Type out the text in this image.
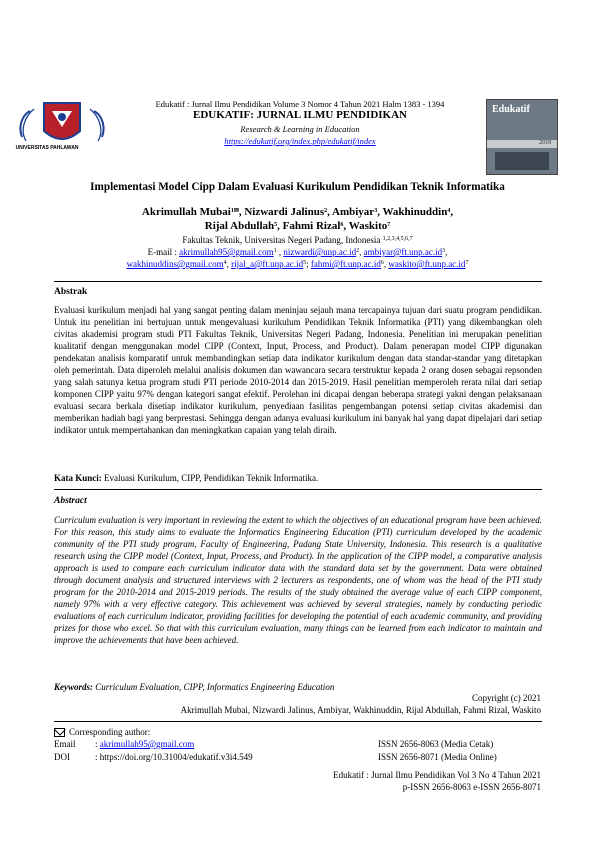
UNIVERSITAS PAHLAWAN
Edukatif : Jurnal Ilmu Pendidikan Volume 3 Nomor 4 Tahun 2021 Halm 1383 - 1394
EDUKATIF: JURNAL ILMU PENDIDIKAN
Research & Learning in Education
https://edukatif.org/index.php/edukatif/index
Edukatif
2018
Implementasi Model Cipp Dalam Evaluasi Kurikulum Pendidikan Teknik Informatika
Akrimullah Mubai$^{1✉}$, Nizwardi Jalinus$^2$, Ambiyar$^3$, Wakhinuddin$^4$,
Rijal Abdullah$^5$, Fahmi Rizal$^6$, Waskito$^7$
Fakultas Teknik, Universitas Negeri Padang, Indonesia $^{1,2,3,4,5,6,7}$
E-mail : akrimullah95@gmail.com$^1$ , $nizwardi@unp.ac.id^2$, $ambiyar@ft.unp.ac.id^3$,
wakhinuddins@gmail.com$^4$, $rijal\_a@ft.unp.ac.id^5$; $fahmi@ft.unp.ac.id^6$, $waskito@ft.unp.ac.id^7$
Abstrak
Evaluasi kurikulum menjadi hal yang sangat penting dalam meninjau sejauh mana tercapainya tujuan dari suatu program pendidikan. Untuk itu penelitian ini bertujuan untuk mengevaluasi kurikulum Pendidikan Teknik Informatika (PTI) yang dikembangkan oleh civitas akademisi program studi PTI Fakultas Teknik, Universitas Negeri Padang, Indonesia. Penelitian ini merupakan penelitian kualitatif dengan menggunakan model CIPP (Context, Input, Process, and Product). Dalam penerapan model CIPP digunakan pendekatan analisis komparatif untuk membandingkan setiap data indikator kurikulum dengan data standar-standar yang ditetapkan oleh pemerintah. Data diperoleh melalui analisis dokumen dan wawancara secara terstruktur kepada 2 orang dosen sebagai repsonden yang salah satunya ketua program studi PTI periode 2010-2014 dan 2015-2019. Hasil penelitian memperoleh rerata nilai dari setiap komponen CIPP yaitu 97% dengan kategori sangat efektif. Perolehan ini dicapai dengan beberapa strategi yakni dengan pelaksanaan evaluasi secara berkala disetiap indikator kurikulum, penyediaan fasilitas pengembangan potensi setiap civitas akademisi dan memberikan hadiah bagi yang berprestasi. Sehingga dengan adanya evaluasi kurikulum ini banyak hal yang dapat dipelajari dari setiap indikator untuk mempertahankan dan meningkatkan capaian yang telah diraih.
Kata Kunci: Evaluasi Kurikulum, CIPP, Pendidikan Teknik Informatika.
Abstract
Curriculum evaluation is very important in reviewing the extent to which the objectives of an educational program have been achieved. For this reason, this study aims to evaluate the Informatics Engineering Education (PTI) curriculum developed by the academic community of the PTI study program, Faculty of Engineering, Padang State University, Indonesia. This research is a qualitative research using the CIPP model (Context, Input, Process, and Product). In the application of the CIPP model, a comparative analysis approach is used to compare each curriculum indicator data with the standard data set by the government. Data were obtained through document analysis and structured interviews with 2 lecturers as respondents, one of whom was the head of the PTI study program for the 2010-2014 and 2015-2019 periods. The results of the study obtained the average value of each CIPP component, namely 97% with a very effective category. This achievement was achieved by several strategies, namely by conducting periodic evaluations of each curriculum indicator, providing facilities for developing the potential of each academic community, and providing prizes for those who excel. So that with this curriculum evaluation, many things can be learned from each indicator to maintain and improve the achievements that have been achieved.
Keywords: Curriculum Evaluation, CIPP, Informatics Engineering Education
Copyright (c) 2021
Akrimullah Mubai, Nizwardi Jalinus, Ambiyar, Wakhinuddin, Rijal Abdullah, Fahmi Rizal, Waskito
Corresponding author:
Email : akrimullah95@gmail.com	ISSN 2656-8063 (Media Cetak)
DOI	: https://doi.org/10.31004/edukatif.v3i4.549	ISSN 2656-8071 (Media Online)
Edukatif : Jurnal Ilmu Pendidikan Vol 3 No 4 Tahun 2021
p-ISSN 2656-8063 e-ISSN 2656-8071
